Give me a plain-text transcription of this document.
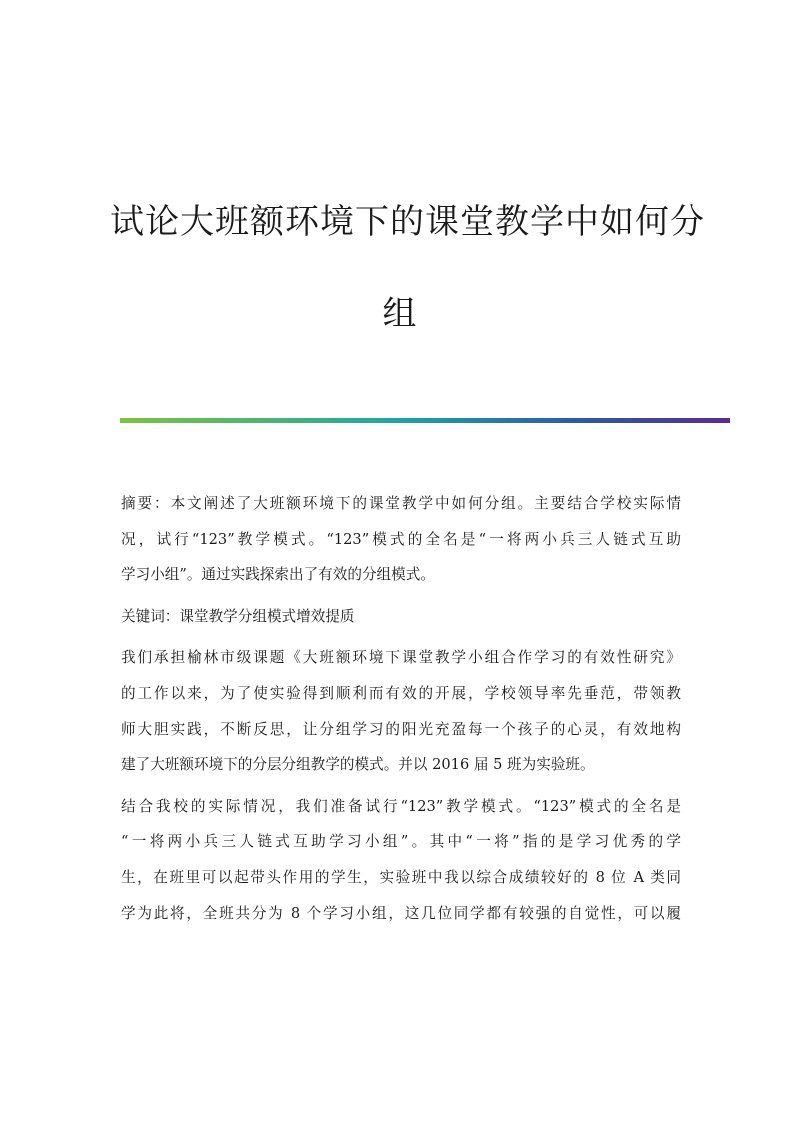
试论大班额环境下的课堂教学中如何分
组
摘要：本文阐述了大班额环境下的课堂教学中如何分组。主要结合学校实际情
况，试行“123”教学模式。“123”模式的全名是“一将两小兵三人链式互助
学习小组”。通过实践探索出了有效的分组模式。
关键词：课堂教学分组模式增效提质
我们承担榆林市级课题《大班额环境下课堂教学小组合作学习的有效性研究》
的工作以来，为了使实验得到顺利而有效的开展，学校领导率先垂范，带领教
师大胆实践，不断反思，让分组学习的阳光充盈每一个孩子的心灵，有效地构
建了大班额环境下的分层分组教学的模式。并以 2016 届 5 班为实验班。
结合我校的实际情况，我们准备试行“123”教学模式。“123”模式的全名是
“一将两小兵三人链式互助学习小组”。其中“一将”指的是学习优秀的学
生，在班里可以起带头作用的学生，实验班中我以综合成绩较好的 8 位 A 类同
学为此将，全班共分为 8 个学习小组，这几位同学都有较强的自觉性，可以履
